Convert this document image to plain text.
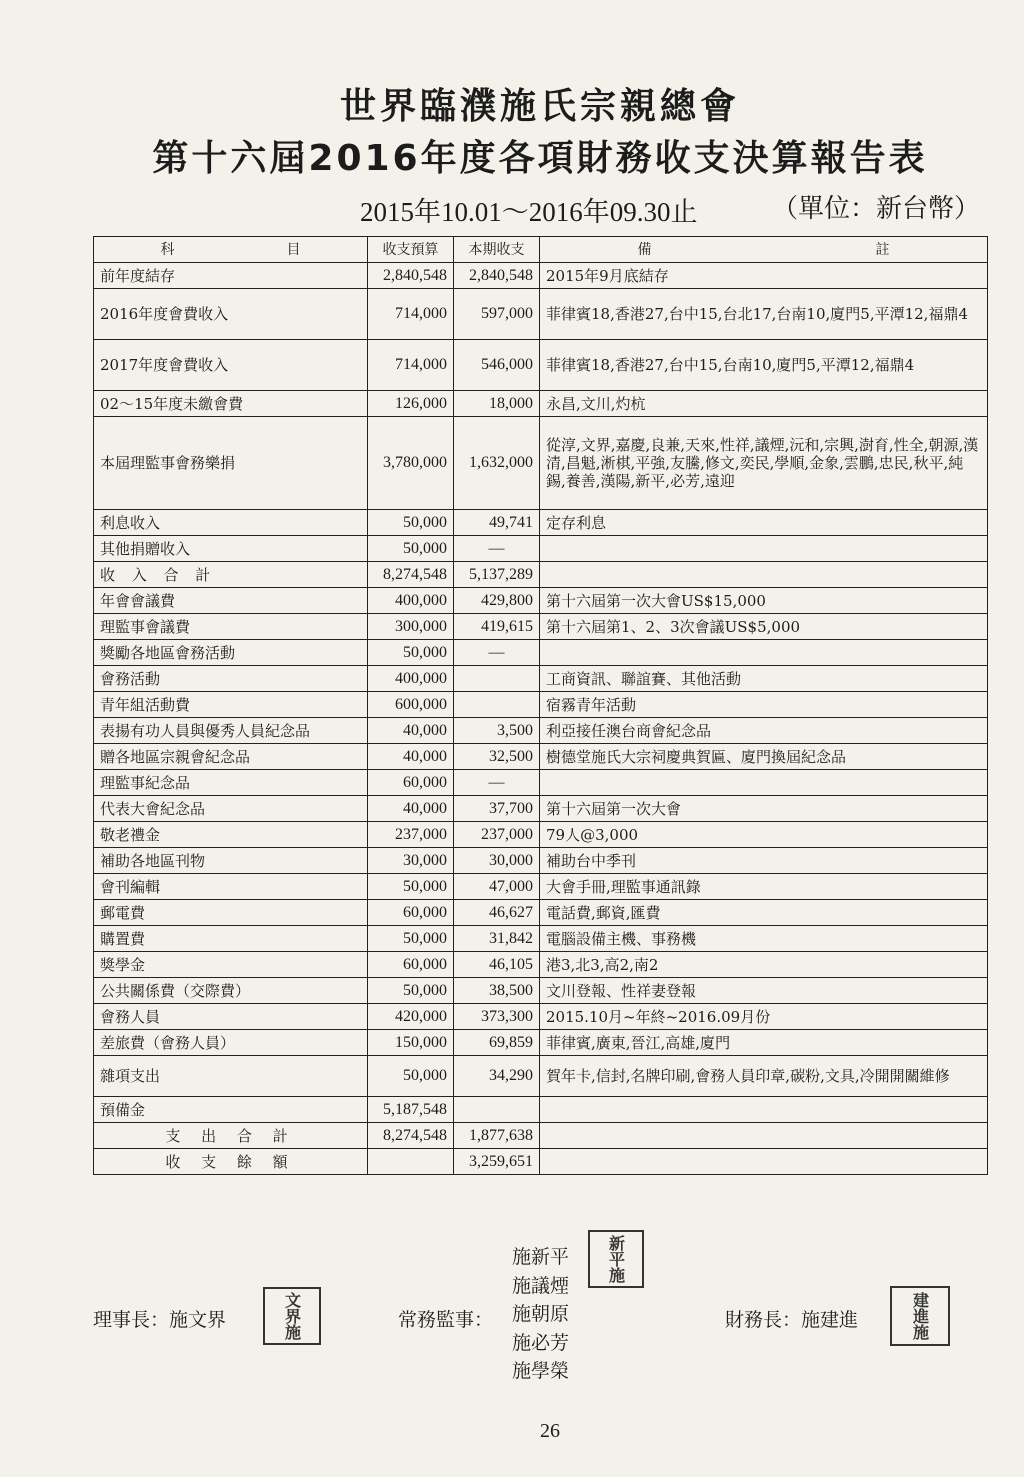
世界臨濮施氏宗親總會
第十六屆2016年度各項財務收支決算報告表
2015年10.01～2016年09.30止	（單位：新台幣）
科　　　　　　　　目	收支預算	本期收支	備　　　　　　　　　　　　　　　　註
前年度結存	2,840,548	2,840,548	2015年9月底結存
2016年度會費收入	714,000	597,000	菲律賓18,香港27,台中15,台北17,台南10,廈門5,平潭12,福鼎4
2017年度會費收入	714,000	546,000	菲律賓18,香港27,台中15,台南10,廈門5,平潭12,福鼎4
02～15年度未繳會費	126,000	18,000	永昌,文川,灼杭
本屆理監事會務樂捐	3,780,000	1,632,000	從淳,文界,嘉慶,良兼,天來,性祥,議煙,沅和,宗興,澍育,性全,朝源,漢清,昌魁,淅棋,平強,友騰,修文,奕民,學順,金象,雲鵬,忠民,秋平,純錫,養善,漢陽,新平,必芳,遠迎
利息收入	50,000	49,741	定存利息
其他捐贈收入	50,000	—	
收 入 合 計	8,274,548	5,137,289	
年會會議費	400,000	429,800	第十六屆第一次大會US$15,000
理監事會議費	300,000	419,615	第十六屆第1、2、3次會議US$5,000
獎勵各地區會務活動	50,000	—	
會務活動	400,000		工商資訊、聯誼賽、其他活動
青年組活動費	600,000		宿霧青年活動
表揚有功人員與優秀人員紀念品	40,000	3,500	利亞接任澳台商會紀念品
贈各地區宗親會紀念品	40,000	32,500	樹德堂施氏大宗祠慶典賀匾、廈門換屆紀念品
理監事紀念品	60,000	—	
代表大會紀念品	40,000	37,700	第十六屆第一次大會
敬老禮金	237,000	237,000	79人@3,000
補助各地區刊物	30,000	30,000	補助台中季刊
會刊編輯	50,000	47,000	大會手冊,理監事通訊錄
郵電費	60,000	46,627	電話費,郵資,匯費
購置費	50,000	31,842	電腦設備主機、事務機
獎學金	60,000	46,105	港3,北3,高2,南2
公共關係費（交際費）	50,000	38,500	文川登報、性祥妻登報
會務人員	420,000	373,300	2015.10月~年終~2016.09月份
差旅費（會務人員）	150,000	69,859	菲律賓,廣東,晉江,高雄,廈門
雜項支出	50,000	34,290	賀年卡,信封,名牌印刷,會務人員印章,碳粉,文具,冷開開關維修
預備金	5,187,548		
支 出 合 計	8,274,548	1,877,638	
收 支 餘 額		3,259,651	
理事長：施文界	文界施	常務監事：
施新平
施議煙
施朝原
施必芳
施學榮
新平施
財務長：施建進	建進施
26
